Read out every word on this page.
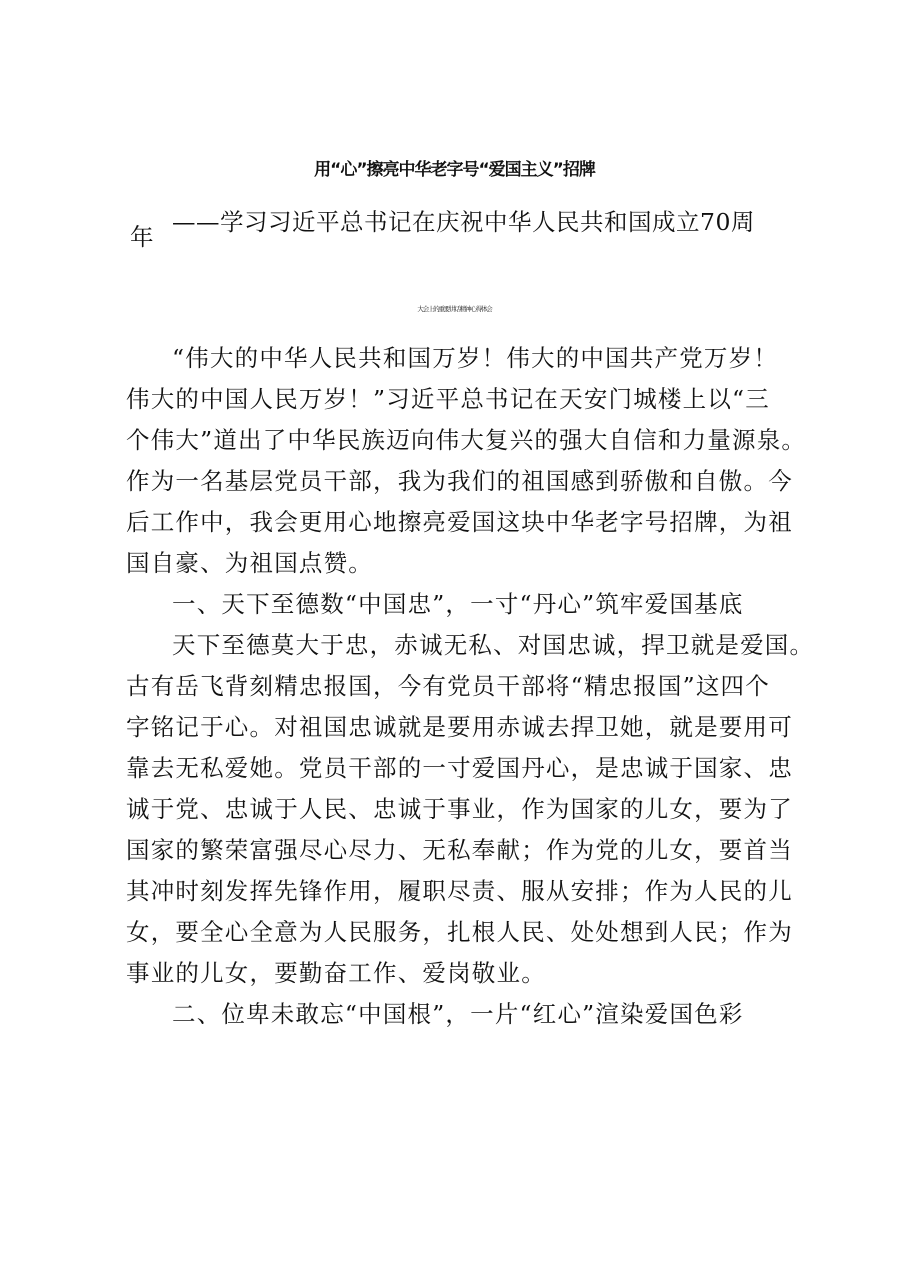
用“心”擦亮中华老字号“爱国主义”招牌
——学习习近平总书记在庆祝中华人民共和国成立70周
年
大会上的重要讲话精神心得体会
“伟大的中华人民共和国万岁！伟大的中国共产党万岁！
伟大的中国人民万岁！”习近平总书记在天安门城楼上以“三
个伟大”道出了中华民族迈向伟大复兴的强大自信和力量源泉。
作为一名基层党员干部，我为我们的祖国感到骄傲和自傲。今
后工作中，我会更用心地擦亮爱国这块中华老字号招牌，为祖
国自豪、为祖国点赞。
一、天下至德数“中国忠”，一寸“丹心”筑牢爱国基底
天下至德莫大于忠，赤诚无私、对国忠诚，捍卫就是爱国。
古有岳飞背刻精忠报国，今有党员干部将“精忠报国”这四个
字铭记于心。对祖国忠诚就是要用赤诚去捍卫她，就是要用可
靠去无私爱她。党员干部的一寸爱国丹心，是忠诚于国家、忠
诚于党、忠诚于人民、忠诚于事业，作为国家的儿女，要为了
国家的繁荣富强尽心尽力、无私奉献；作为党的儿女，要首当
其冲时刻发挥先锋作用，履职尽责、服从安排；作为人民的儿
女，要全心全意为人民服务，扎根人民、处处想到人民；作为
事业的儿女，要勤奋工作、爱岗敬业。
二、位卑未敢忘“中国根”，一片“红心”渲染爱国色彩
